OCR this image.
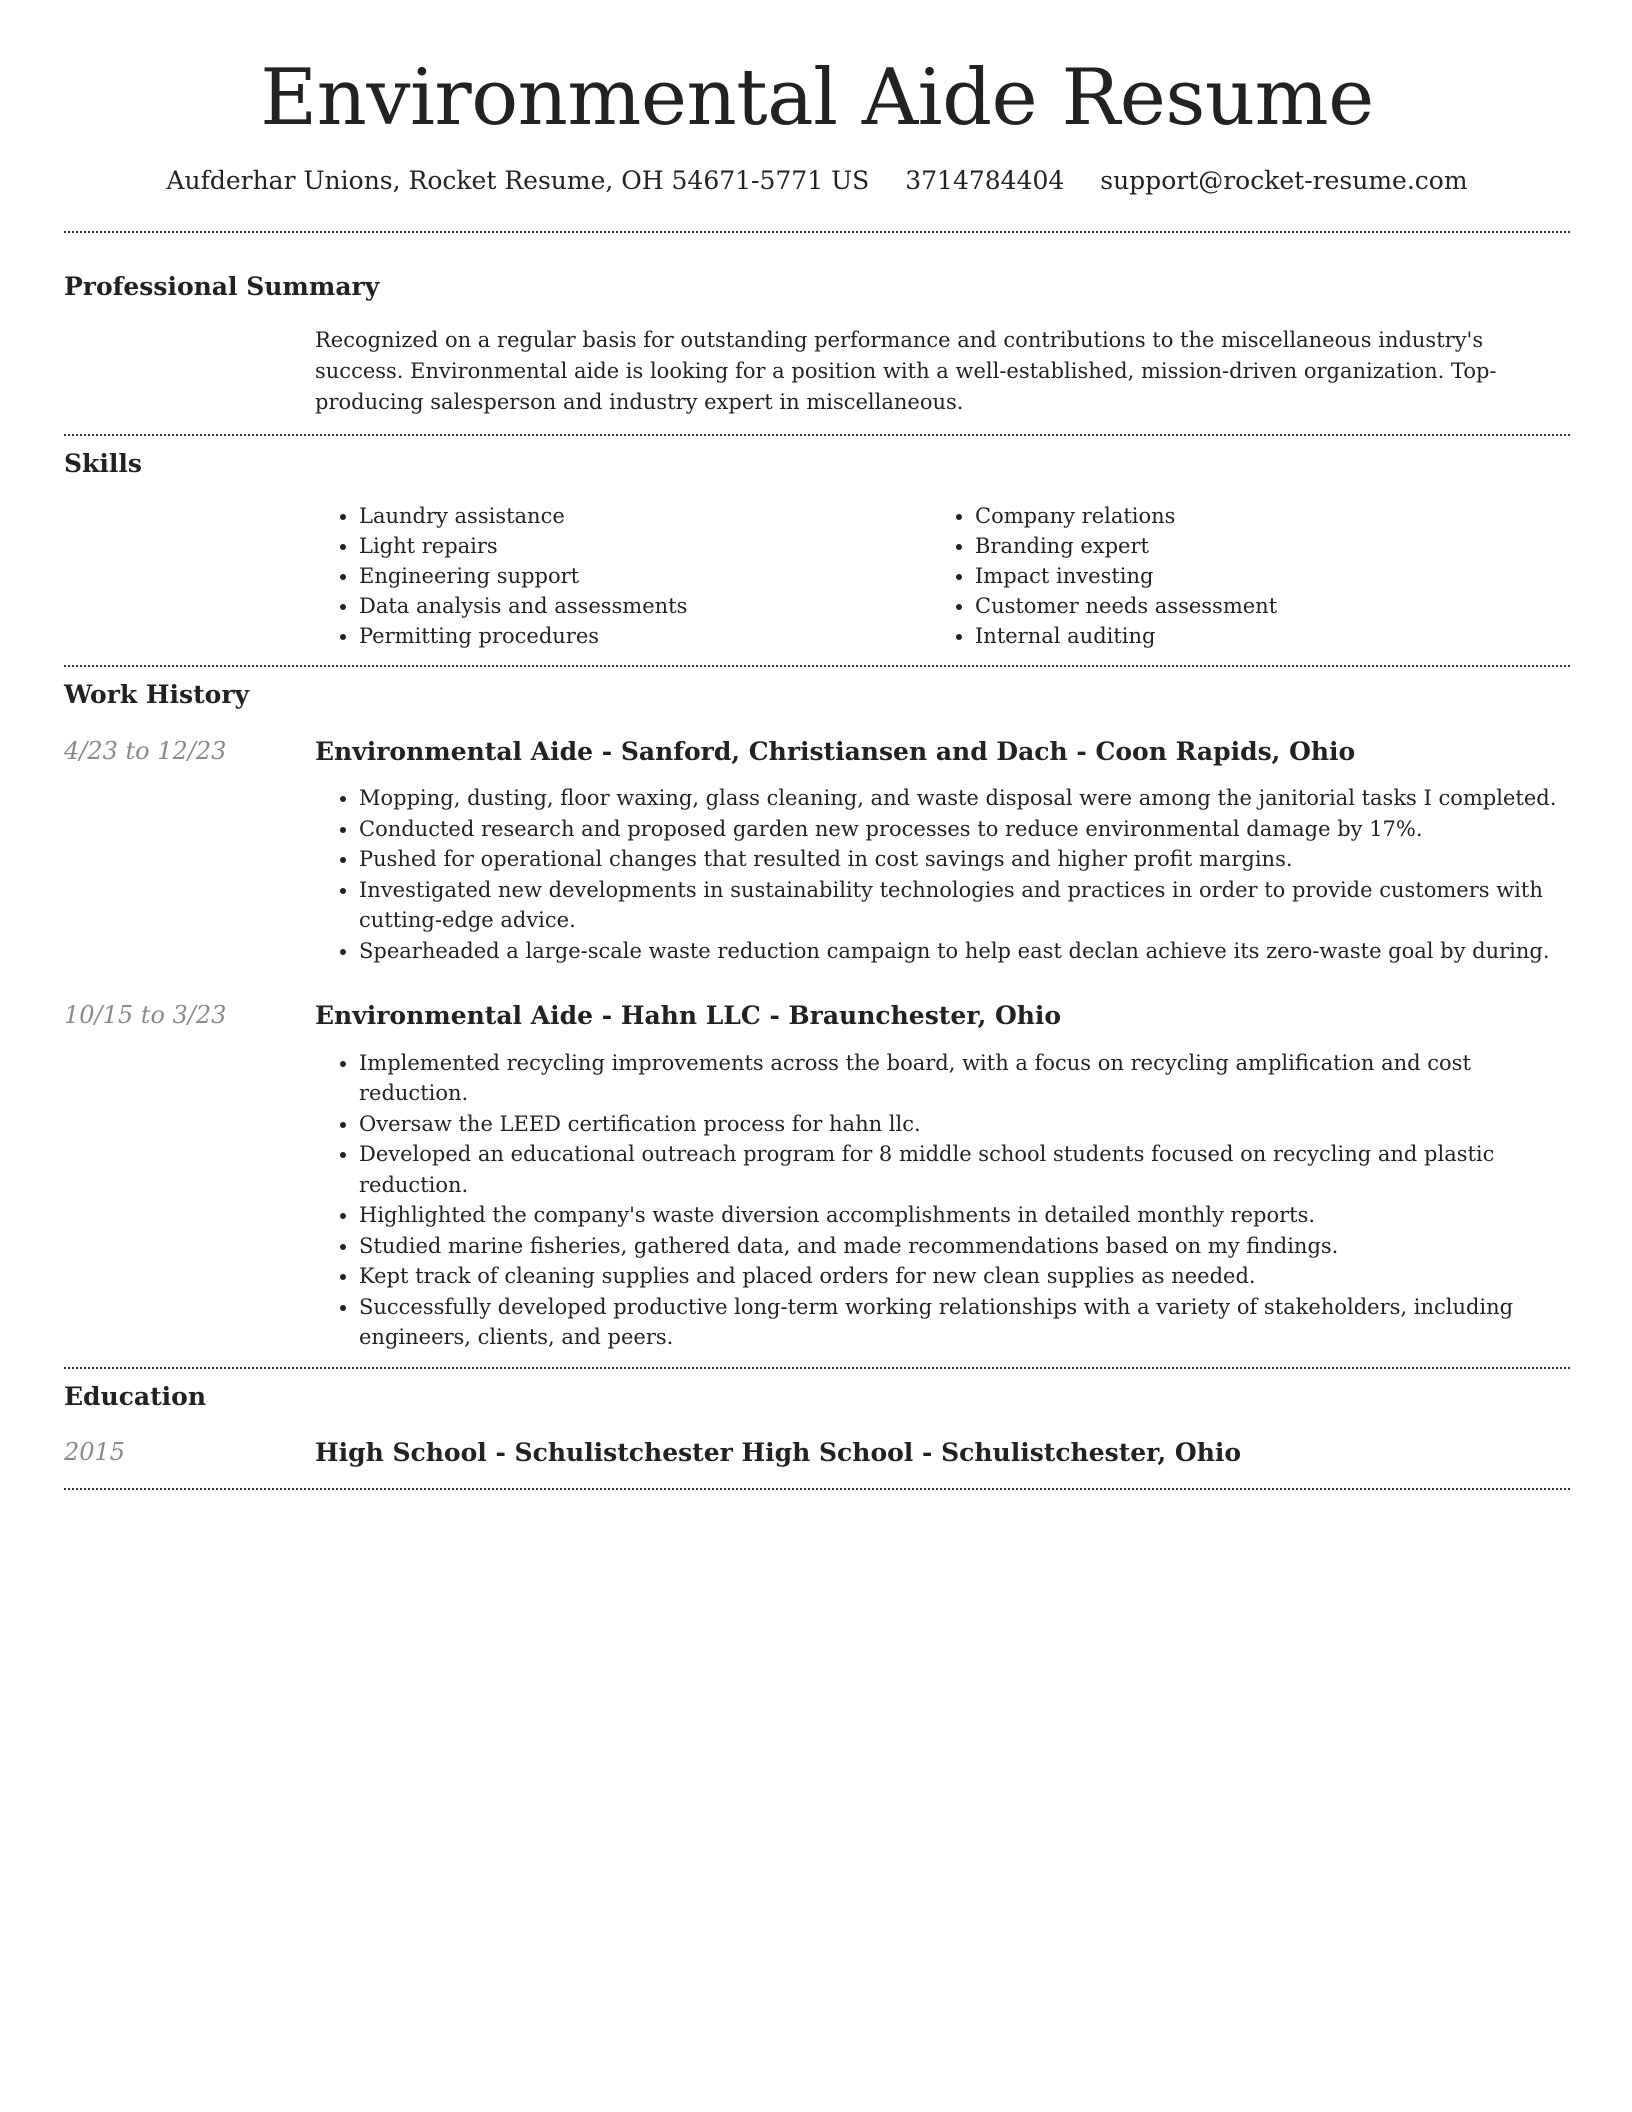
Environmental Aide Resume
Aufderhar Unions, Rocket Resume, OH 54671-5771 US 3714784404 support@rocket-resume.com
Professional Summary

Recognized on a regular basis for outstanding performance and contributions to the miscellaneous industry's success. Environmental aide is looking for a position with a well-established, mission-driven organization. Top-producing salesperson and industry expert in miscellaneous.

Skills
• Laundry assistance
• Light repairs
• Engineering support
• Data analysis and assessments
• Permitting procedures
• Company relations
• Branding expert
• Impact investing
• Customer needs assessment
• Internal auditing
Work History
4/23 to 12/23	Environmental Aide - Sanford, Christiansen and Dach - Coon Rapids, Ohio
• Mopping, dusting, floor waxing, glass cleaning, and waste disposal were among the janitorial tasks I completed.
• Conducted research and proposed garden new processes to reduce environmental damage by 17%.
• Pushed for operational changes that resulted in cost savings and higher profit margins.
• Investigated new developments in sustainability technologies and practices in order to provide customers with cutting-edge advice.
• Spearheaded a large-scale waste reduction campaign to help east declan achieve its zero-waste goal by during.
10/15 to 3/23	Environmental Aide - Hahn LLC - Braunchester, Ohio
• Implemented recycling improvements across the board, with a focus on recycling amplification and cost reduction.
• Oversaw the LEED certification process for hahn llc.
• Developed an educational outreach program for 8 middle school students focused on recycling and plastic reduction.
• Highlighted the company's waste diversion accomplishments in detailed monthly reports.
• Studied marine fisheries, gathered data, and made recommendations based on my findings.
• Kept track of cleaning supplies and placed orders for new clean supplies as needed.
• Successfully developed productive long-term working relationships with a variety of stakeholders, including engineers, clients, and peers.
Education
2015	High School - Schulistchester High School - Schulistchester, Ohio
